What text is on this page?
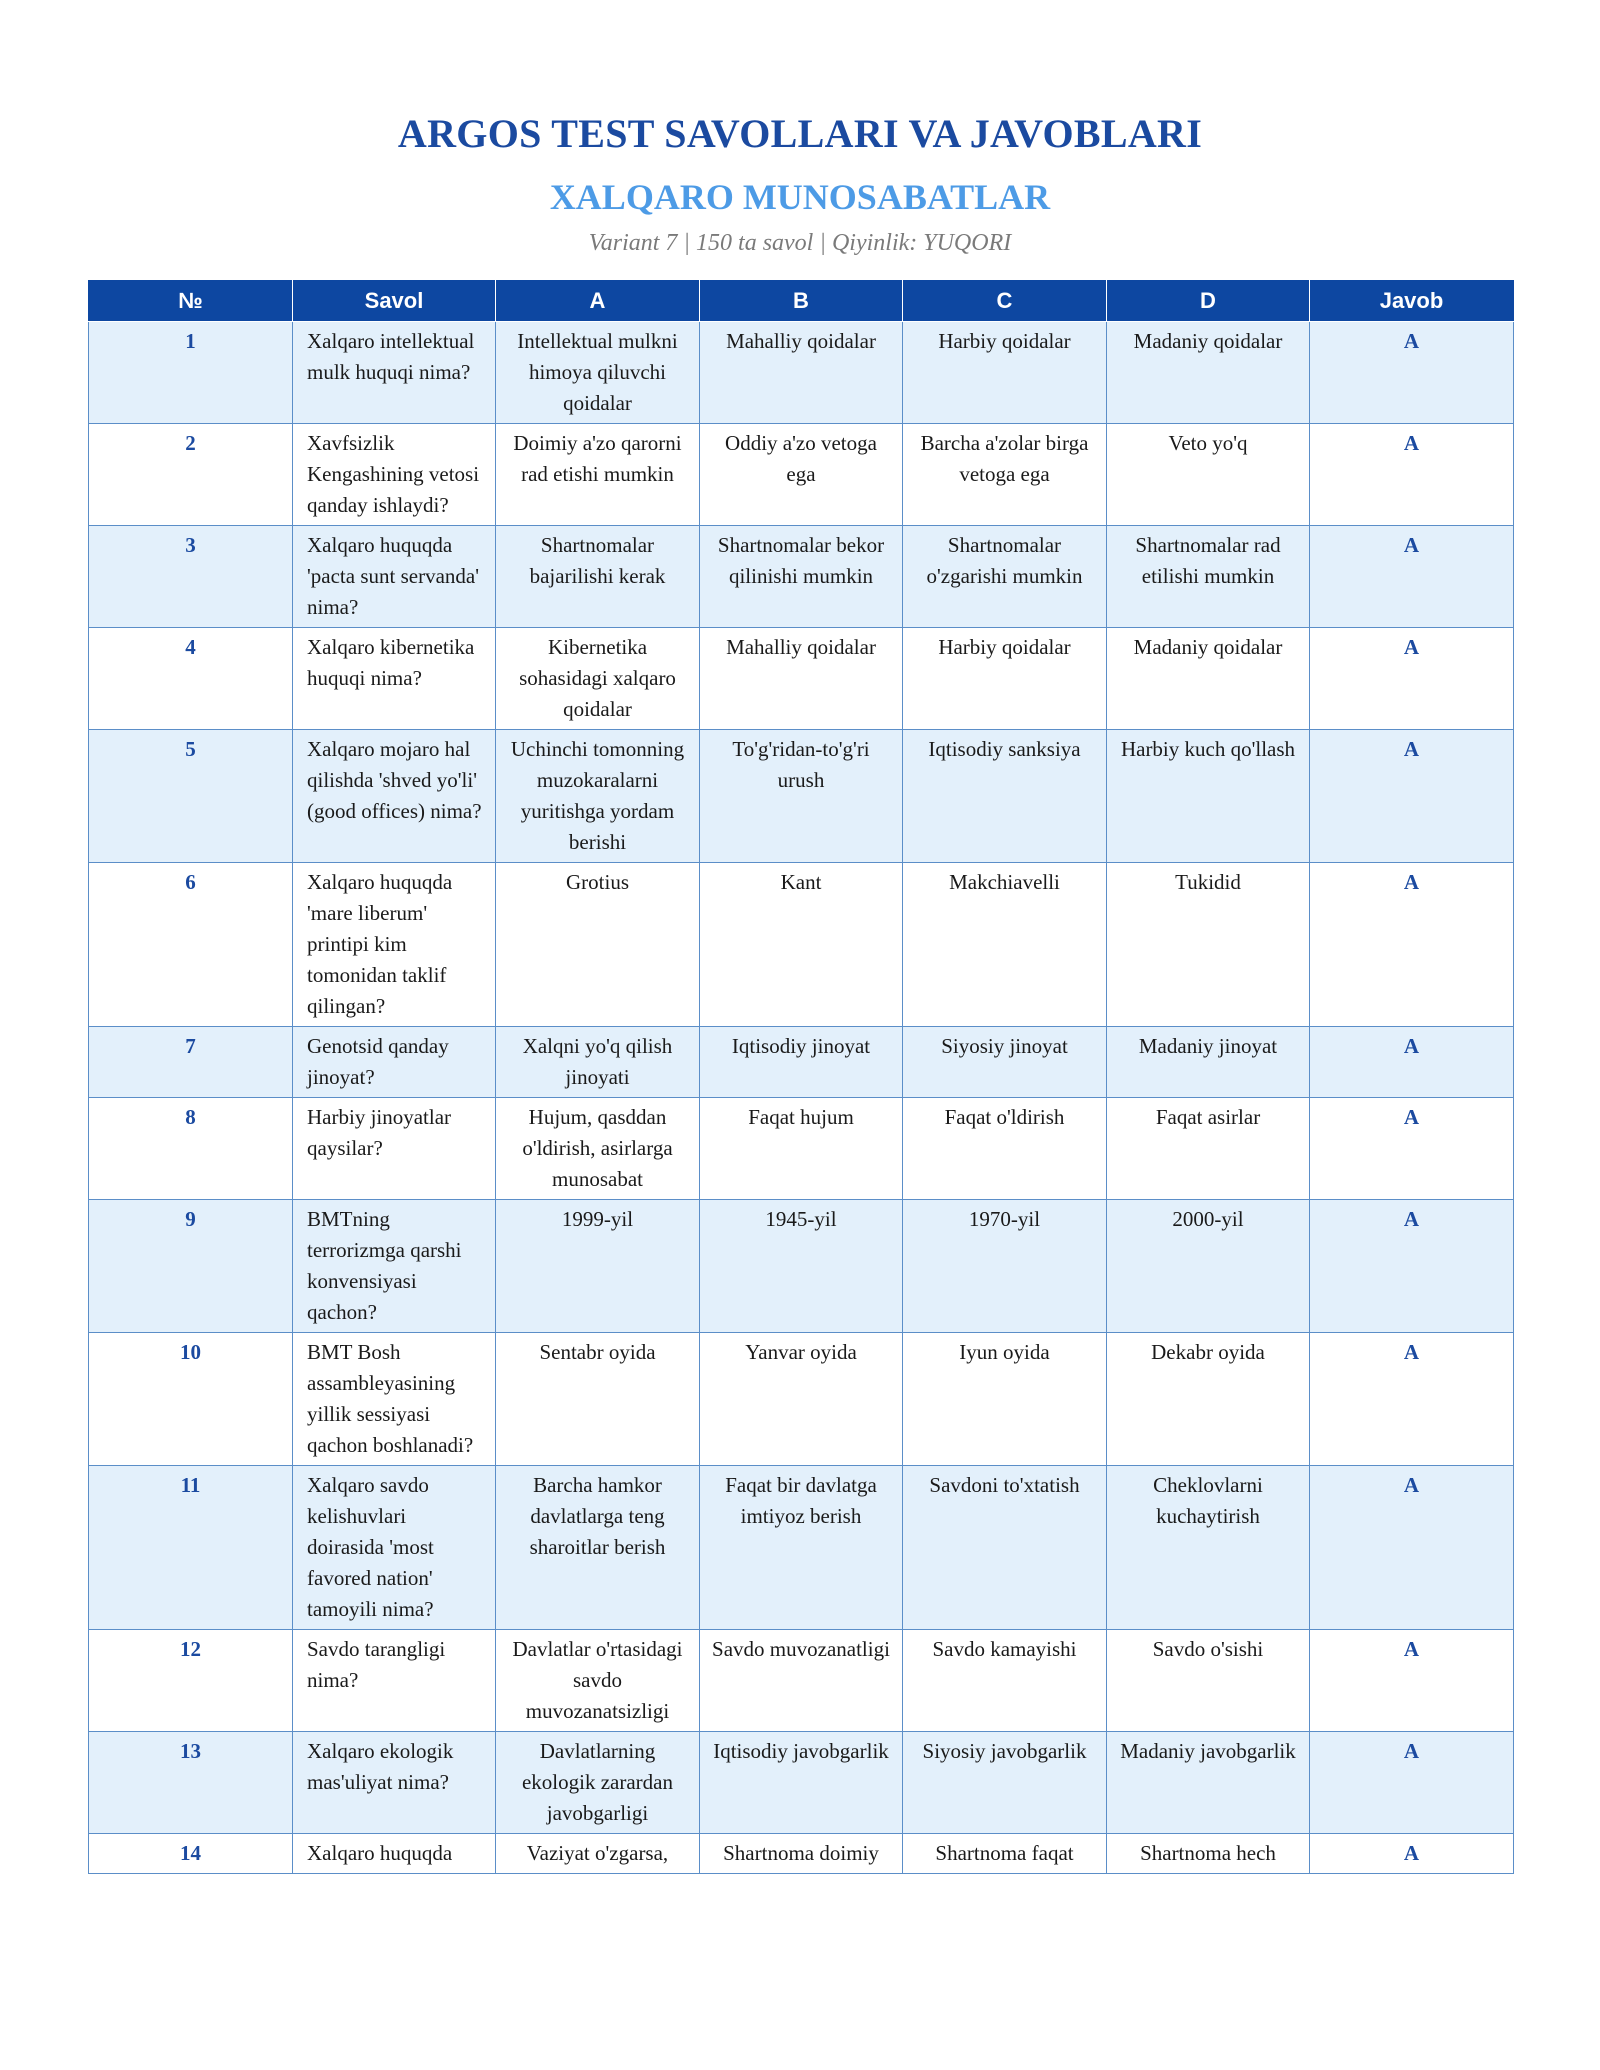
ARGOS TEST SAVOLLARI VA JAVOBLARI
XALQARO MUNOSABATLAR
Variant 7 | 150 ta savol | Qiyinlik: YUQORI
№	Savol	A	B	C	D	Javob
1	Xalqaro intellektual mulk huquqi nima?	Intellektual mulkni himoya qiluvchi qoidalar	Mahalliy qoidalar	Harbiy qoidalar	Madaniy qoidalar	A
2	Xavfsizlik Kengashining vetosi qanday ishlaydi?	Doimiy a'zo qarorni rad etishi mumkin	Oddiy a'zo vetoga ega	Barcha a'zolar birga vetoga ega	Veto yo'q	A
3	Xalqaro huquqda 'pacta sunt servanda' nima?	Shartnomalar bajarilishi kerak	Shartnomalar bekor qilinishi mumkin	Shartnomalar o'zgarishi mumkin	Shartnomalar rad etilishi mumkin	A
4	Xalqaro kibernetika huquqi nima?	Kibernetika sohasidagi xalqaro qoidalar	Mahalliy qoidalar	Harbiy qoidalar	Madaniy qoidalar	A
5	Xalqaro mojaro hal qilishda 'shved yo'li' (good offices) nima?	Uchinchi tomonning muzokaralarni yuritishga yordam berishi	To'g'ridan-to'g'ri urush	Iqtisodiy sanksiya	Harbiy kuch qo'llash	A
6	Xalqaro huquqda 'mare liberum' printipi kim tomonidan taklif qilingan?	Grotius	Kant	Makchiavelli	Tukidid	A
7	Genotsid qanday jinoyat?	Xalqni yo'q qilish jinoyati	Iqtisodiy jinoyat	Siyosiy jinoyat	Madaniy jinoyat	A
8	Harbiy jinoyatlar qaysilar?	Hujum, qasddan o'ldirish, asirlarga munosabat	Faqat hujum	Faqat o'ldirish	Faqat asirlar	A
9	BMTning terrorizmga qarshi konvensiyasi qachon?	1999-yil	1945-yil	1970-yil	2000-yil	A
10	BMT Bosh assambleyasining yillik sessiyasi qachon boshlanadi?	Sentabr oyida	Yanvar oyida	Iyun oyida	Dekabr oyida	A
11	Xalqaro savdo kelishuvlari doirasida 'most favored nation' tamoyili nima?	Barcha hamkor davlatlarga teng sharoitlar berish	Faqat bir davlatga imtiyoz berish	Savdoni to'xtatish	Cheklovlarni kuchaytirish	A
12	Savdo tarangligi nima?	Davlatlar o'rtasidagi savdo muvozanatsizligi	Savdo muvozanatligi	Savdo kamayishi	Savdo o'sishi	A
13	Xalqaro ekologik mas'uliyat nima?	Davlatlarning ekologik zarardan javobgarligi	Iqtisodiy javobgarlik	Siyosiy javobgarlik	Madaniy javobgarlik	A
14	Xalqaro huquqda	Vaziyat o'zgarsa,	Shartnoma doimiy	Shartnoma faqat	Shartnoma hech	A
